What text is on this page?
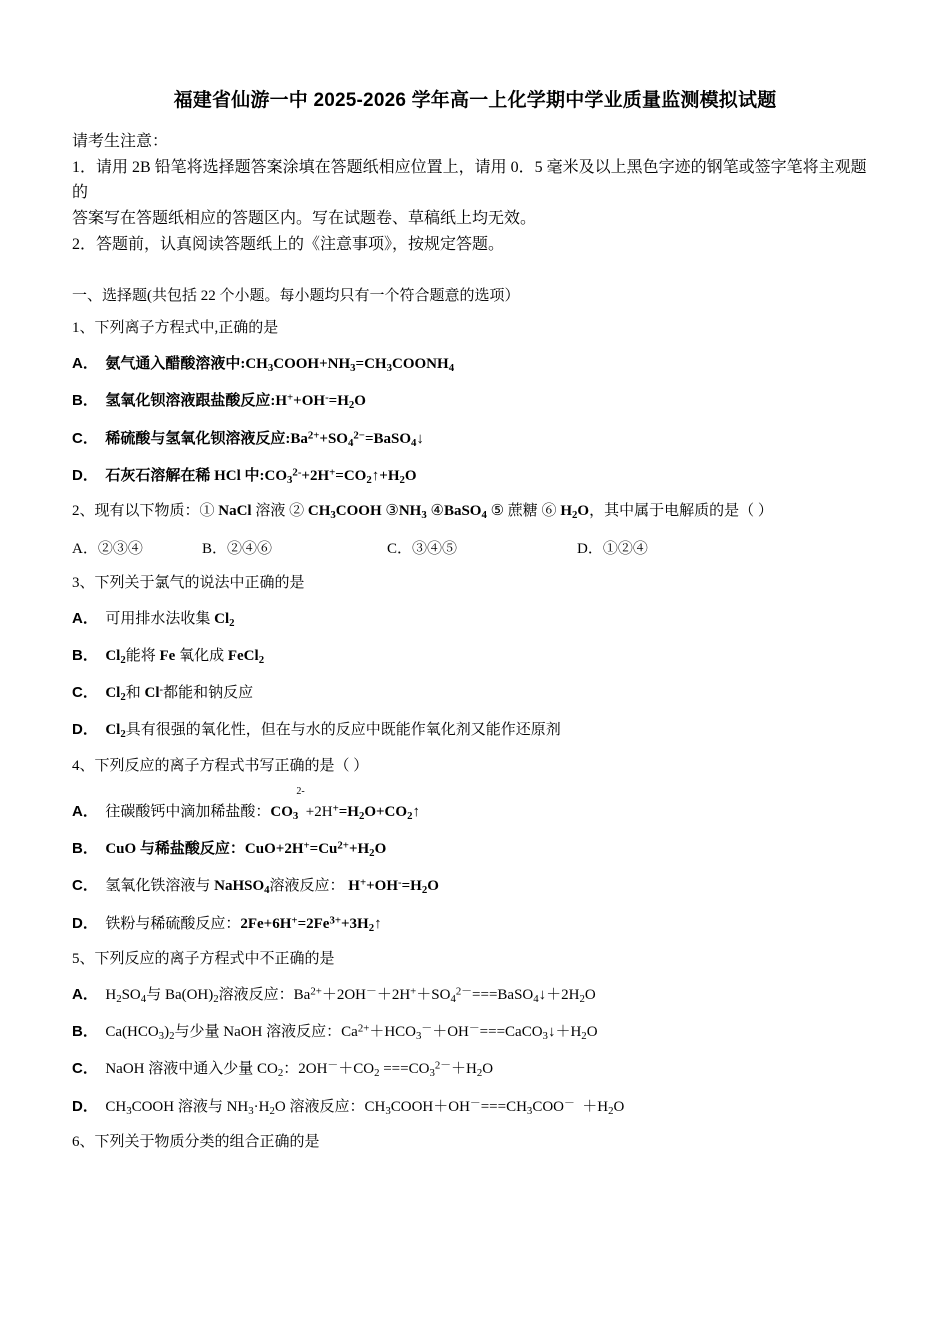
福建省仙游一中 2025-2026 学年高一上化学期中学业质量监测模拟试题

请考生注意：

1．请用 2B 铅笔将选择题答案涂填在答题纸相应位置上，请用 0．5 毫米及以上黑色字迹的钢笔或签字笔将主观题的

答案写在答题纸相应的答题区内。写在试题卷、草稿纸上均无效。

2．答题前，认真阅读答题纸上的《注意事项》，按规定答题。

一、选择题(共包括 22 个小题。每小题均只有一个符合题意的选项）
1、下列离子方程式中,正确的是
A．  氨气通入醋酸溶液中$:CH_3COOH+NH_3=CH_3COONH_4$
B．  氢氧化钡溶液跟盐酸反应$:H^++OH^-=H_2O$
C．  稀硫酸与氢氧化钡溶液反应$:Ba^{2+}+SO_4^{2-}=BaSO_4↓$
D．  石灰石溶解在稀 HCl 中$:CO_3^{2-}+2H^+=CO_2↑+H_2O$
2、现有以下物质：① NaCl 溶液 ② $CH_3COOH$ $③NH_3$ ④BaSO$_4$ ⑤ 蔗糖 ⑥ $H_2O$，其中属于电解质的是（ ）
A．②③④	B．②④⑥	C．③④⑤	D．①②④
3、下列关于氯气的说法中正确的是
A．  可用排水法收集 $Cl_2$
B． $Cl_2$能将 Fe 氧化成 FeCl$_2$
C． $Cl_2$和 Cl-都能和钠反应
D． $Cl_2$具有很强的氧化性，但在与水的反应中既能作氧化剂又能作还原剂
4、下列反应的离子方程式书写正确的是（ ）
A．  往碳酸钙中滴加稀盐酸：$CO_3$
2-
$+2H^+=H_2O+CO_2↑$
B．  CuO 与稀盐酸反应：$CuO+2H^+=Cu^{2+}+H_2O$
C．  氢氧化铁溶液与 NaHSO$_4$溶液反应： $H^++OH^-=H_2O$
D．  铁粉与稀硫酸反应：$2Fe+6H^+=2Fe^{3+}+3H_2↑$
5、下列反应的离子方程式中不正确的是
A．  $H_2SO_4$与 $Ba(OH)_2$溶液反应：$Ba^{2+}+2OH^-+2H^++SO_4^{2-}===BaSO_4↓+2H_2O$
B．  $Ca(HCO_3)_2$与少量 NaOH 溶液反应：$Ca^{2+}+HCO_3^-+OH^-===CaCO_3↓+H_2O$
C．  NaOH 溶液中通入少量 $CO_2$：$2OH^-+CO_2 ===CO_3^{2-}+H_2O$
D．  $CH_3COOH$ 溶液与 $NH_3\cdot H_2O$ 溶液反应：$CH_3COOH+OH^-===CH_3COO^- +H_2O$
6、下列关于物质分类的组合正确的是
